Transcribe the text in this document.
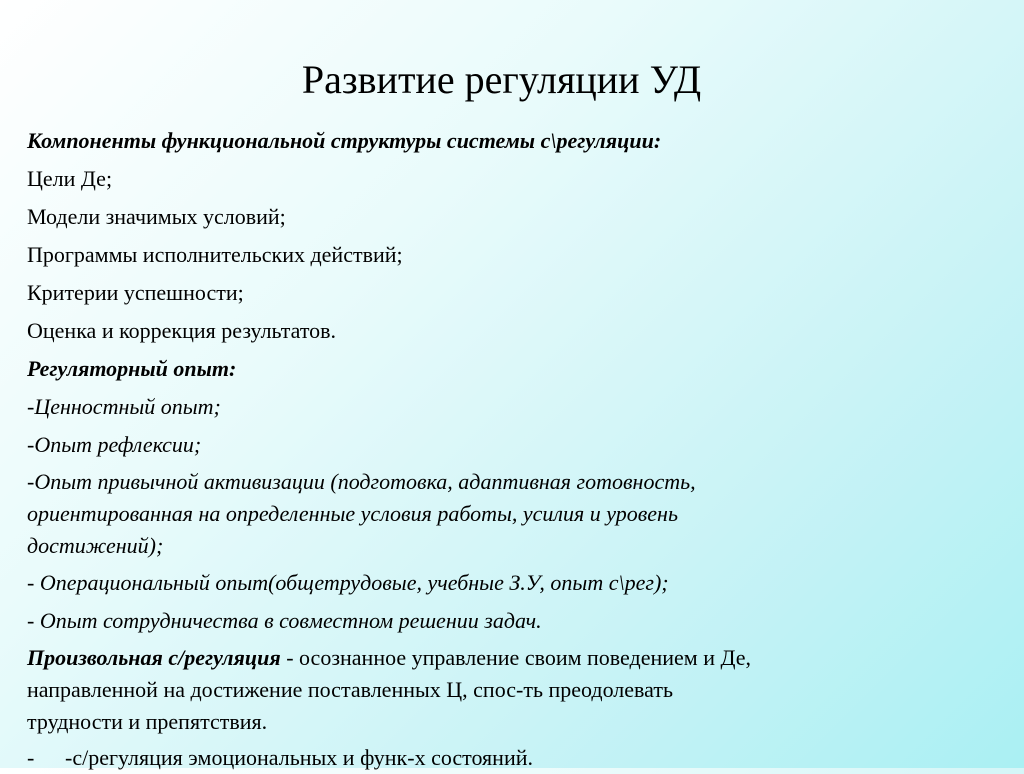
Развитие регуляции УД

Компоненты функциональной структуры системы с\регуляции:

Цели Де;

Модели значимых условий;

Программы исполнительских действий;

Критерии успешности;

Оценка и коррекция результатов.

Регуляторный опыт:

-Ценностный опыт;

-Опыт рефлексии;

-Опыт привычной активизации (подготовка, адаптивная готовность,
ориентированная на определенные условия работы, усилия и уровень
достижений);

- Операциональный опыт(общетрудовые, учебные З.У, опыт с\рег);

- Опыт сотрудничества в совместном решении задач.

Произвольная с/регуляция - осознанное управление своим поведением и Де,
направленной на достижение поставленных Ц, спос-ть преодолевать
трудности и препятствия.

- -с/регуляция эмоциональных и функ-х состояний.
